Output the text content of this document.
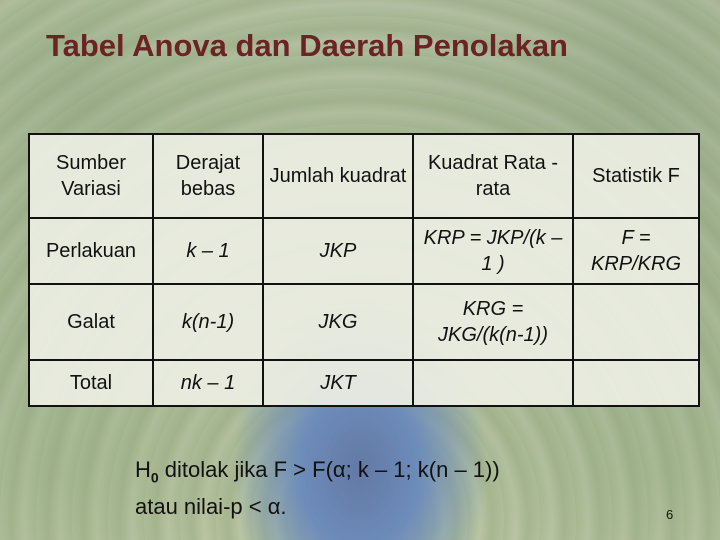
Tabel Anova dan Daerah Penolakan
Sumber Variasi	Derajat bebas	Jumlah kuadrat	Kuadrat Rata -rata	Statistik F
Perlakuan	k – 1	JKP	KRP = JKP/(k – 1 )	F = KRP/KRG
Galat	k(n-1)	JKG	KRG = JKG/(k(n-1))	
Total	nk – 1	JKT		
$H_0$ ditolak jika F > F(α; k – 1; k(n – 1))
atau nilai-p < α.	6
